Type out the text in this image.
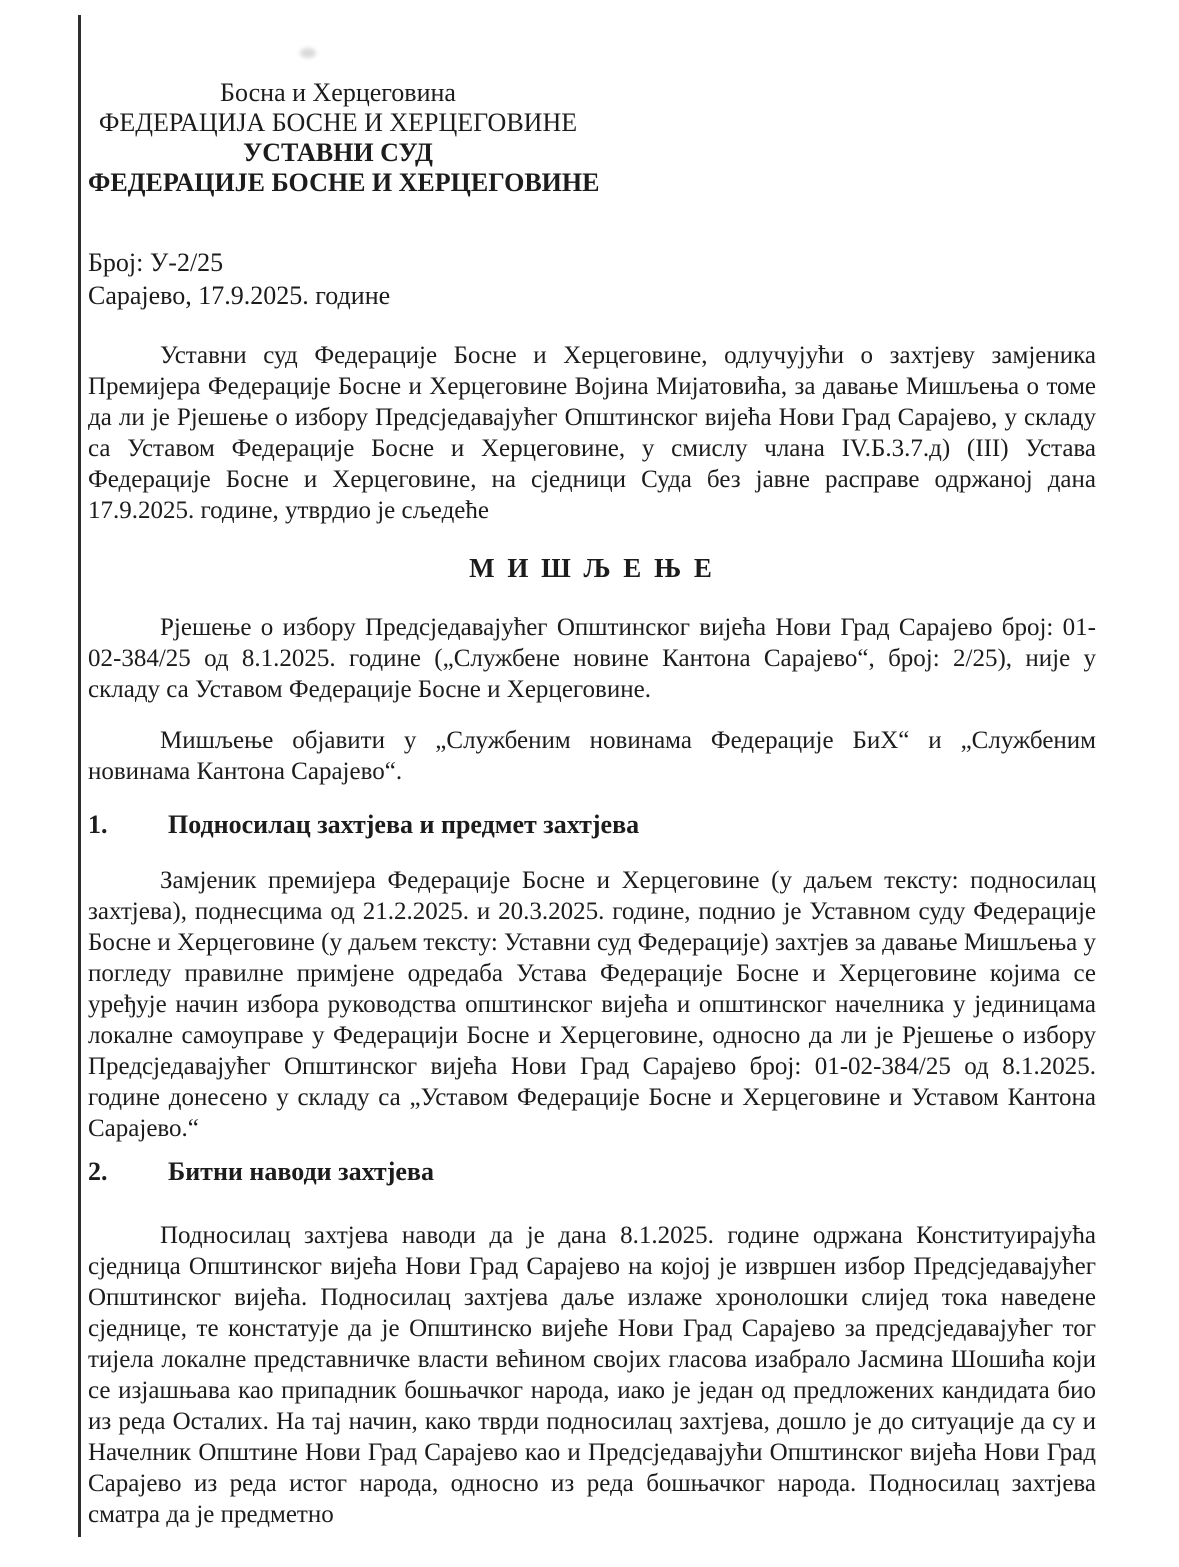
Босна и Херцеговина
ФЕДЕРАЦИЈА БОСНЕ И ХЕРЦЕГОВИНЕ
УСТАВНИ СУД
ФЕДЕРАЦИЈЕ БОСНЕ И ХЕРЦЕГОВИНЕ
Број: У-2/25
Сарајево, 17.9.2025. године

Уставни суд Федерације Босне и Херцеговине, одлучујући о захтјеву замјеника Премијера Федерације Босне и Херцеговине Војина Мијатовића, за давање Мишљења о томе да ли је Рјешење о избору Предсједавајућег Општинског вијећа Нови Град Сарајево, у складу са Уставом Федерације Босне и Херцеговине, у смислу члана IV.Б.3.7.д) (III) Устава Федерације Босне и Херцеговине, на сједници Суда без јавне расправе одржаној дана 17.9.2025. године, утврдио је сљедеће

М И Ш Љ Е Њ Е

Рјешење о избору Предсједавајућег Општинског вијећа Нови Град Сарајево број: 01-02-384/25 од 8.1.2025. године („Службене новине Кантона Сарајево“, број: 2/25), није у складу са Уставом Федерације Босне и Херцеговине.

Мишљење објавити у „Службеним новинама Федерације БиХ“ и „Службеним новинама Кантона Сарајево“.

1.	Подносилац захтјева и предмет захтјева

Замјеник премијера Федерације Босне и Херцеговине (у даљем тексту: подносилац захтјева), поднесцима од 21.2.2025. и 20.3.2025. године, поднио је Уставном суду Федерације Босне и Херцеговине (у даљем тексту: Уставни суд Федерације) захтјев за давање Мишљења у погледу правилне примјене одредаба Устава Федерације Босне и Херцеговине којима се уређује начин избора руководства општинског вијећа и општинског начелника у јединицама локалне самоуправе у Федерацији Босне и Херцеговине, односно да ли је Рјешење о избору Предсједавајућег Општинског вијећа Нови Град Сарајево број: 01-02-384/25 од 8.1.2025. године донесено у складу са „Уставом Федерације Босне и Херцеговине и Уставом Кантона Сарајево.“

2.	Битни наводи захтјева

Подносилац захтјева наводи да је дана 8.1.2025. године одржана Конституирајућа сједница Општинског вијећа Нови Град Сарајево на којој је извршен избор Предсједавајућег Општинског вијећа. Подносилац захтјева даље излаже хронолошки слијед тока наведене сједнице, те констатује да је Општинско вијеће Нови Град Сарајево за предсједавајућег тог тијела локалне представничке власти већином својих гласова изабрало Јасмина Шошића који се изјашњава као припадник бошњачког народа, иако је један од предложених кандидата био из реда Осталих. На тај начин, како тврди подносилац захтјева, дошло је до ситуације да су и Начелник Општине Нови Град Сарајево као и Предсједавајући Општинског вијећа Нови Град Сарајево из реда истог народа, односно из реда бошњачког народа. Подносилац захтјева сматра да је предметно
